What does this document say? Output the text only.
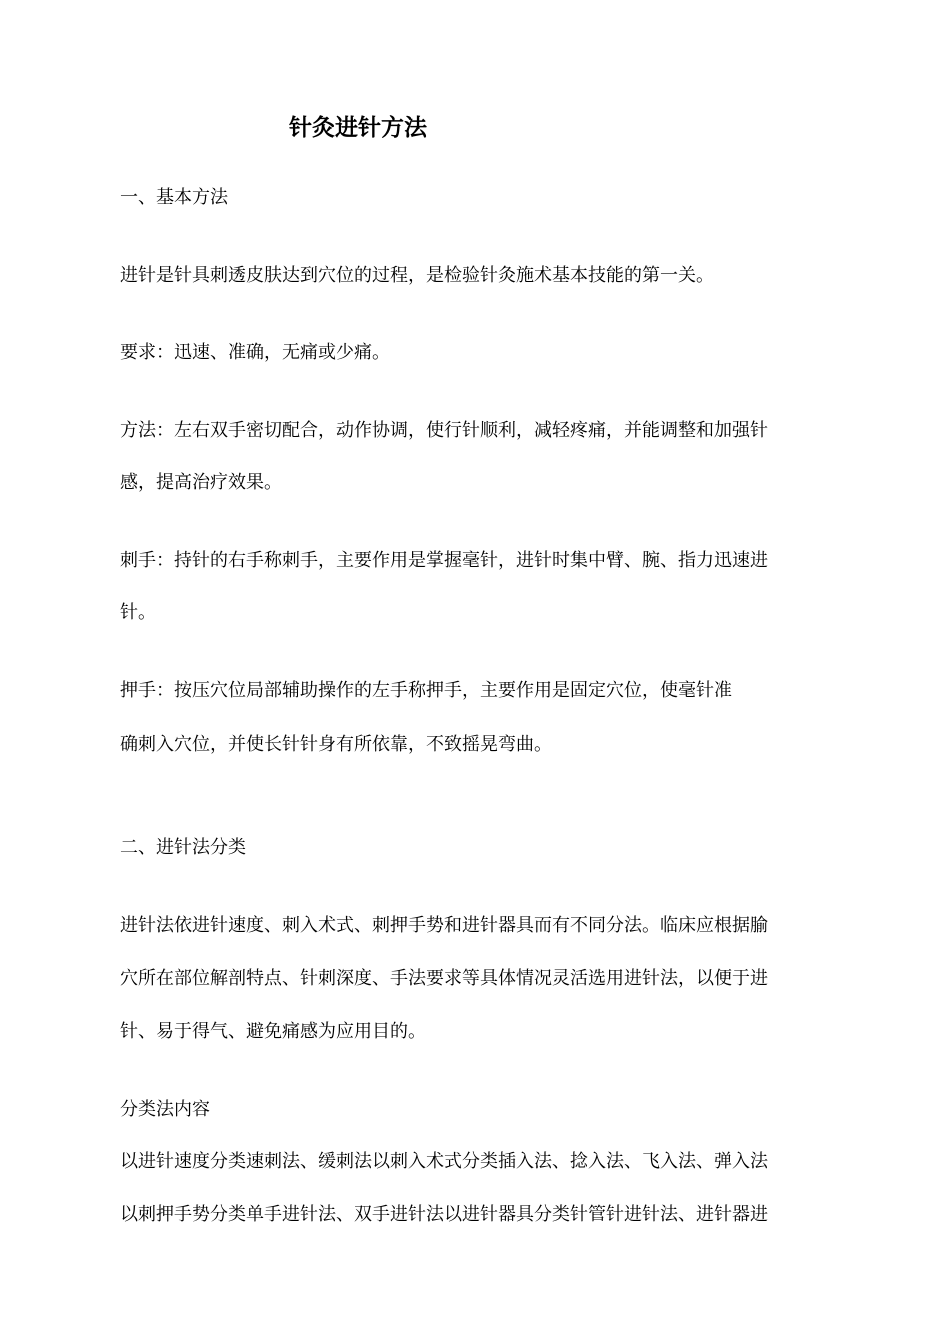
针灸进针方法
一、基本方法
进针是针具刺透皮肤达到穴位的过程，是检验针灸施术基本技能的第一关。
要求：迅速、准确，无痛或少痛。
方法：左右双手密切配合，动作协调，使行针顺利，减轻疼痛，并能调整和加强针
感，提高治疗效果。
刺手：持针的右手称刺手，主要作用是掌握毫针，进针时集中臂、腕、指力迅速进
针。
押手：按压穴位局部辅助操作的左手称押手，主要作用是固定穴位，使毫针准
确刺入穴位，并使长针针身有所依靠，不致摇晃弯曲。
二、进针法分类
进针法依进针速度、刺入术式、刺押手势和进针器具而有不同分法。临床应根据腧
穴所在部位解剖特点、针刺深度、手法要求等具体情况灵活选用进针法，以便于进
针、易于得气、避免痛感为应用目的。
分类法内容
以进针速度分类速刺法、缓刺法以刺入术式分类插入法、捻入法、飞入法、弹入法
以刺押手势分类单手进针法、双手进针法以进针器具分类针管针进针法、进针器进
